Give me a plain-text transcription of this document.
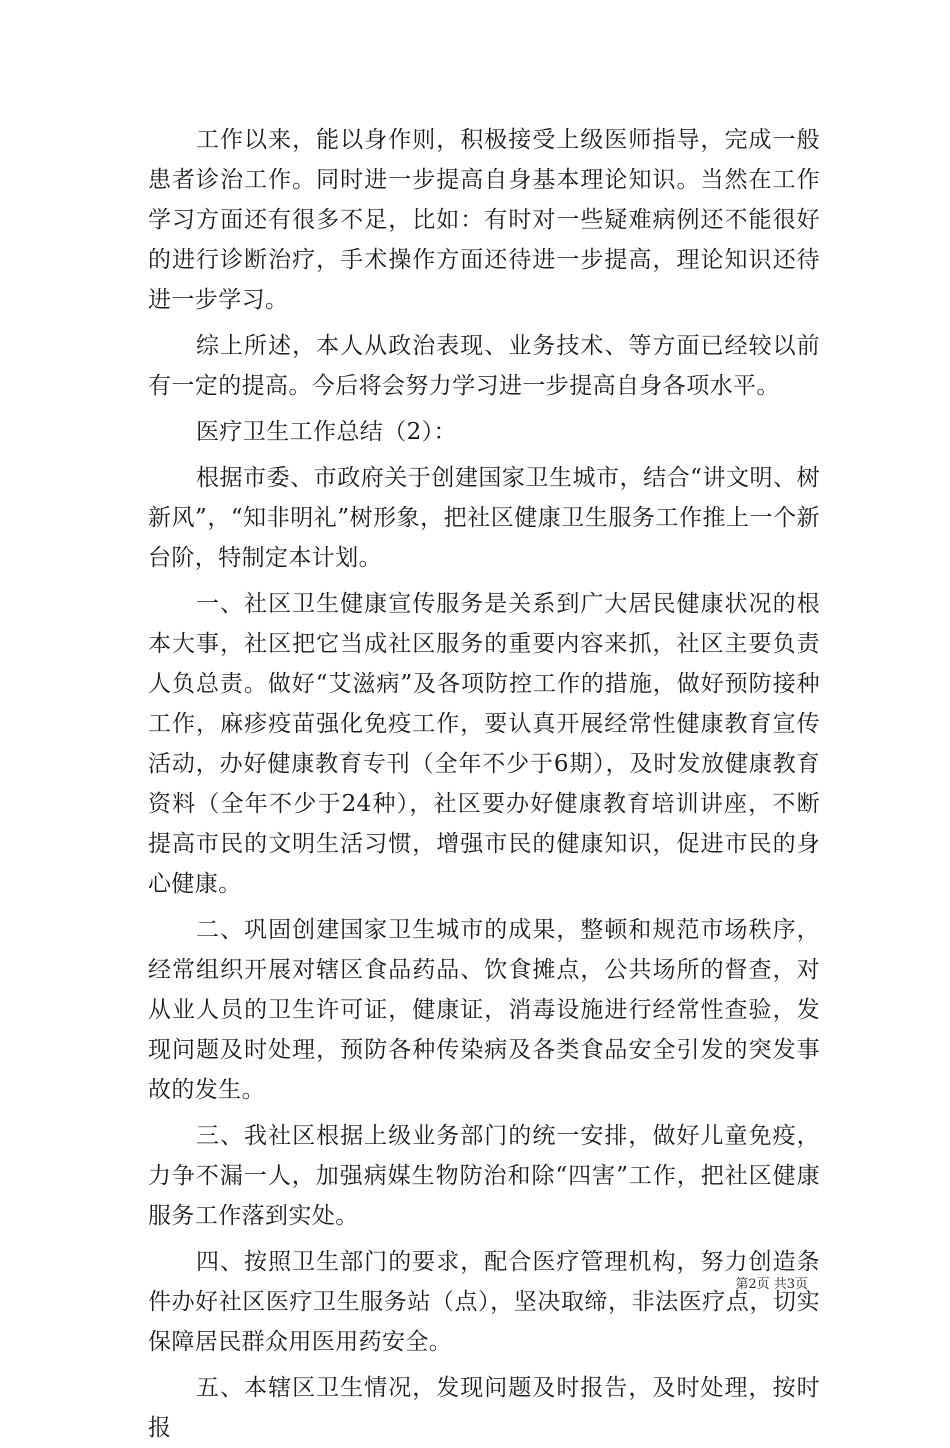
工作以来，能以身作则，积极接受上级医师指导，完成一般患者诊治工作。同时进一步提高自身基本理论知识。当然在工作学习方面还有很多不足，比如：有时对一些疑难病例还不能很好的进行诊断治疗，手术操作方面还待进一步提高，理论知识还待进一步学习。

综上所述，本人从政治表现、业务技术、等方面已经较以前有一定的提高。今后将会努力学习进一步提高自身各项水平。

医疗卫生工作总结（2）：

根据市委、市政府关于创建国家卫生城市，结合“讲文明、树新风”，“知非明礼”树形象，把社区健康卫生服务工作推上一个新台阶，特制定本计划。

一、社区卫生健康宣传服务是关系到广大居民健康状况的根本大事，社区把它当成社区服务的重要内容来抓，社区主要负责人负总责。做好“艾滋病”及各项防控工作的措施，做好预防接种工作，麻疹疫苗强化免疫工作，要认真开展经常性健康教育宣传活动，办好健康教育专刊（全年不少于6期），及时发放健康教育资料（全年不少于24种），社区要办好健康教育培训讲座，不断提高市民的文明生活习惯，增强市民的健康知识，促进市民的身心健康。

二、巩固创建国家卫生城市的成果，整顿和规范市场秩序，经常组织开展对辖区食品药品、饮食摊点，公共场所的督查，对从业人员的卫生许可证，健康证，消毒设施进行经常性查验，发现问题及时处理，预防各种传染病及各类食品安全引发的突发事故的发生。

三、我社区根据上级业务部门的统一安排，做好儿童免疫，力争不漏一人，加强病媒生物防治和除“四害”工作，把社区健康服务工作落到实处。

四、按照卫生部门的要求，配合医疗管理机构，努力创造条件办好社区医疗卫生服务站（点），坚决取缔，非法医疗点，切实保障居民群众用医用药安全。

五、本辖区卫生情况，发现问题及时报告，及时处理，按时报

第2页 共3页
